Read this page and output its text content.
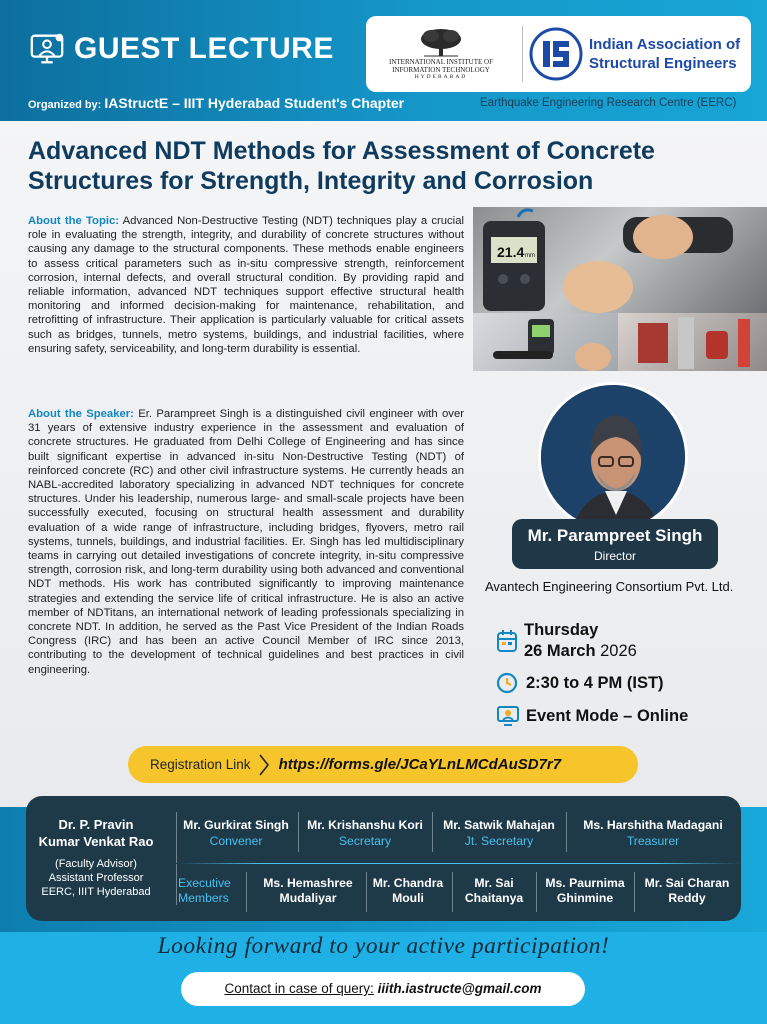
GUEST LECTURE	INTERNATIONAL INSTITUTE OF
INFORMATION TECHNOLOGY
HYDERABAD
Indian Association of
Structural Engineers
Organized by: IAStructE – IIIT Hyderabad Student's Chapter	Earthquake Engineering Research Centre (EERC)
Advanced NDT Methods for Assessment of Concrete
Structures for Strength, Integrity and Corrosion
About the Topic: Advanced Non-Destructive Testing (NDT) techniques play a crucial role in evaluating the strength, integrity, and durability of concrete structures without causing any damage to the structural components. These methods enable engineers to assess critical parameters such as in-situ compressive strength, reinforcement corrosion, internal defects, and overall structural condition. By providing rapid and reliable information, advanced NDT techniques support effective structural health monitoring and informed decision-making for maintenance, rehabilitation, and retrofitting of infrastructure. Their application is particularly valuable for critical assets such as bridges, tunnels, metro systems, buildings, and industrial facilities, where ensuring safety, serviceability, and long-term durability is essential.
About the Speaker: Er. Parampreet Singh is a distinguished civil engineer with over 31 years of extensive industry experience in the assessment and evaluation of concrete structures. He graduated from Delhi College of Engineering and has since built significant expertise in advanced in-situ Non-Destructive Testing (NDT) of reinforced concrete (RC) and other civil infrastructure systems. He currently heads an NABL-accredited laboratory specializing in advanced NDT techniques for concrete structures. Under his leadership, numerous large- and small-scale projects have been successfully executed, focusing on structural health assessment and durability evaluation of a wide range of infrastructure, including bridges, flyovers, metro rail systems, tunnels, buildings, and industrial facilities. Er. Singh has led multidisciplinary teams in carrying out detailed investigations of concrete integrity, in-situ compressive strength, corrosion risk, and long-term durability using both advanced and conventional NDT methods. His work has contributed significantly to improving maintenance strategies and extending the service life of critical infrastructure. He is also an active member of NDTitans, an international network of leading professionals specializing in concrete NDT. In addition, he served as the Past Vice President of the Indian Roads Congress (IRC) and has been an active Council Member of IRC since 2013, contributing to the development of technical guidelines and best practices in civil engineering.
21.4 mm
Mr. Parampreet Singh
Director
Avantech Engineering Consortium Pvt. Ltd.
Thursday
26 March 2026
2:30 to 4 PM (IST)
Event Mode – Online
Registration Link https://forms.gle/JCaYLnLMCdAuSD7r7
Dr. P. Pravin
Kumar Venkat Rao
(Faculty Advisor)
Assistant Professor
EERC, IIIT Hyderabad
Mr. Gurkirat Singh
Convener
Mr. Krishanshu Kori
Secretary
Mr. Satwik Mahajan
Jt. Secretary
Ms. Harshitha Madagani
Treasurer
Executive
Members
Ms. Hemashree
Mudaliyar
Mr. Chandra
Mouli
Mr. Sai
Chaitanya
Ms. Paurnima
Ghinmine
Mr. Sai Charan
Reddy
Looking forward to your active participation!
Contact in case of query: iiith.iastructe@gmail.com
